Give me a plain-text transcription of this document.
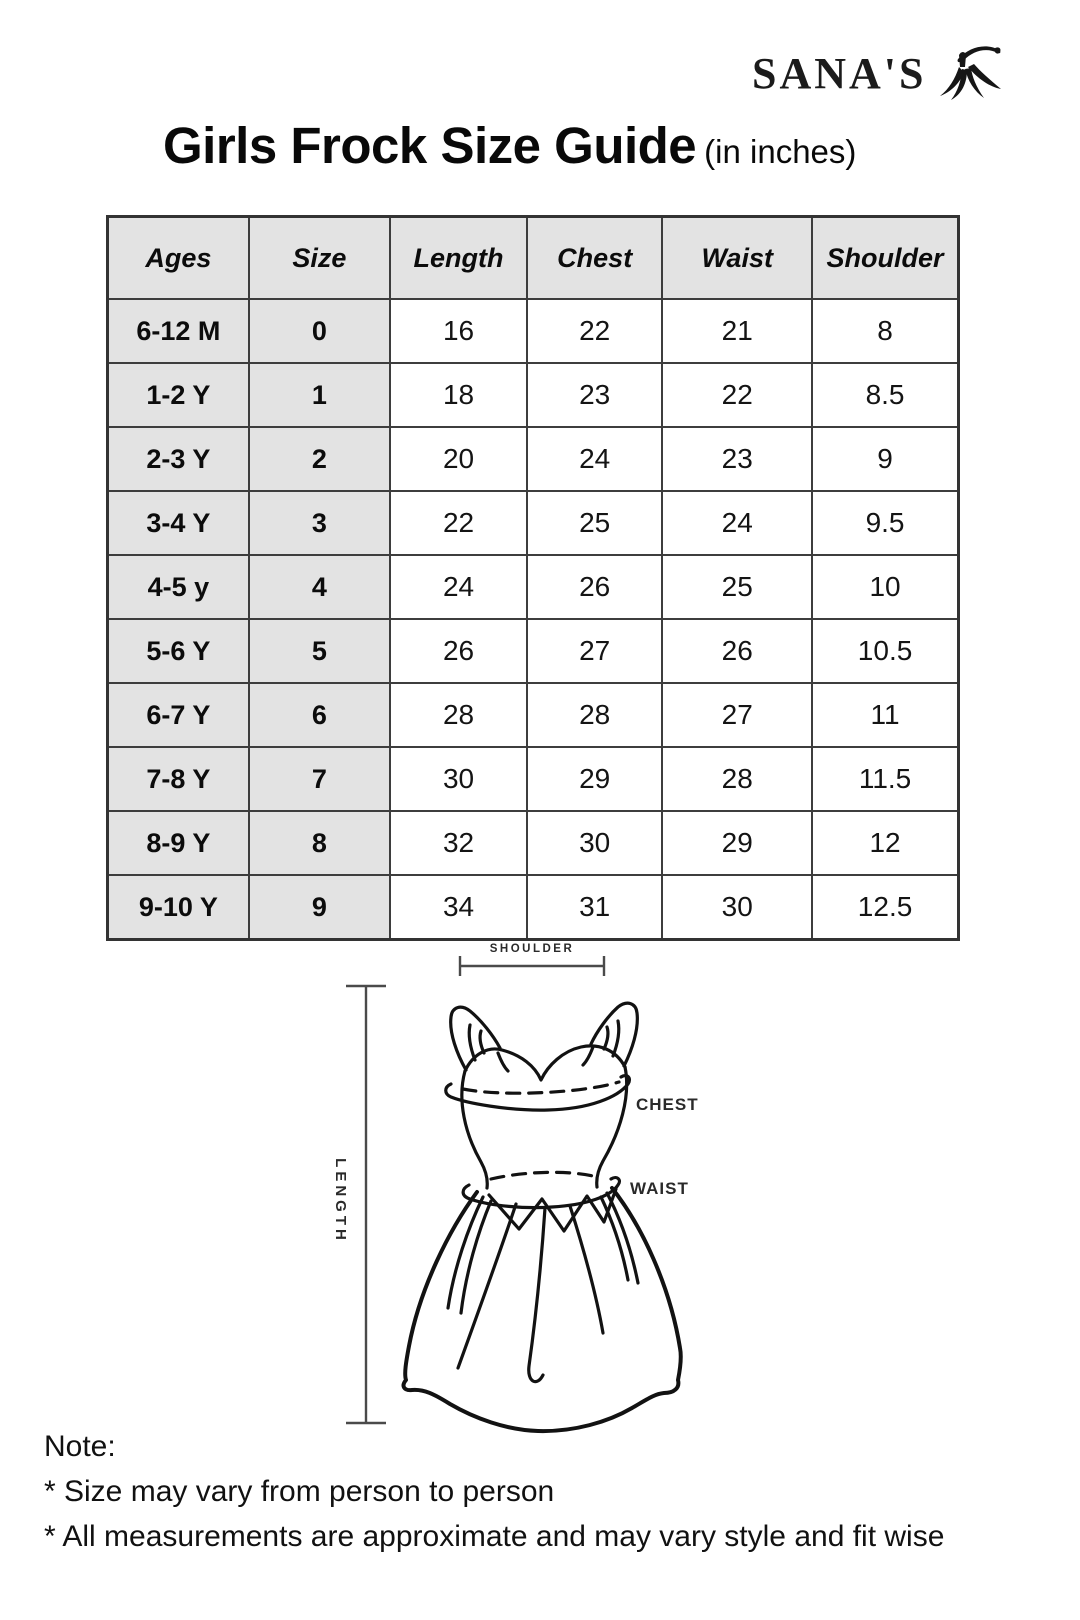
SANA'S
Girls Frock Size Guide (in inches)
Ages	Size	Length	Chest	Waist	Shoulder
6-12 M	0	16	22	21	8
1-2 Y	1	18	23	22	8.5
2-3 Y	2	20	24	23	9
3-4 Y	3	22	25	24	9.5
4-5 y	4	24	26	25	10
5-6 Y	5	26	27	26	10.5
6-7 Y	6	28	28	27	11
7-8 Y	7	30	29	28	11.5
8-9 Y	8	32	30	29	12
9-10 Y	9	34	31	30	12.5
SHOULDER
LENGTH
CHEST
WAIST
Note:
* Size may vary from person to person
* All measurements are approximate and may vary style and fit wise
